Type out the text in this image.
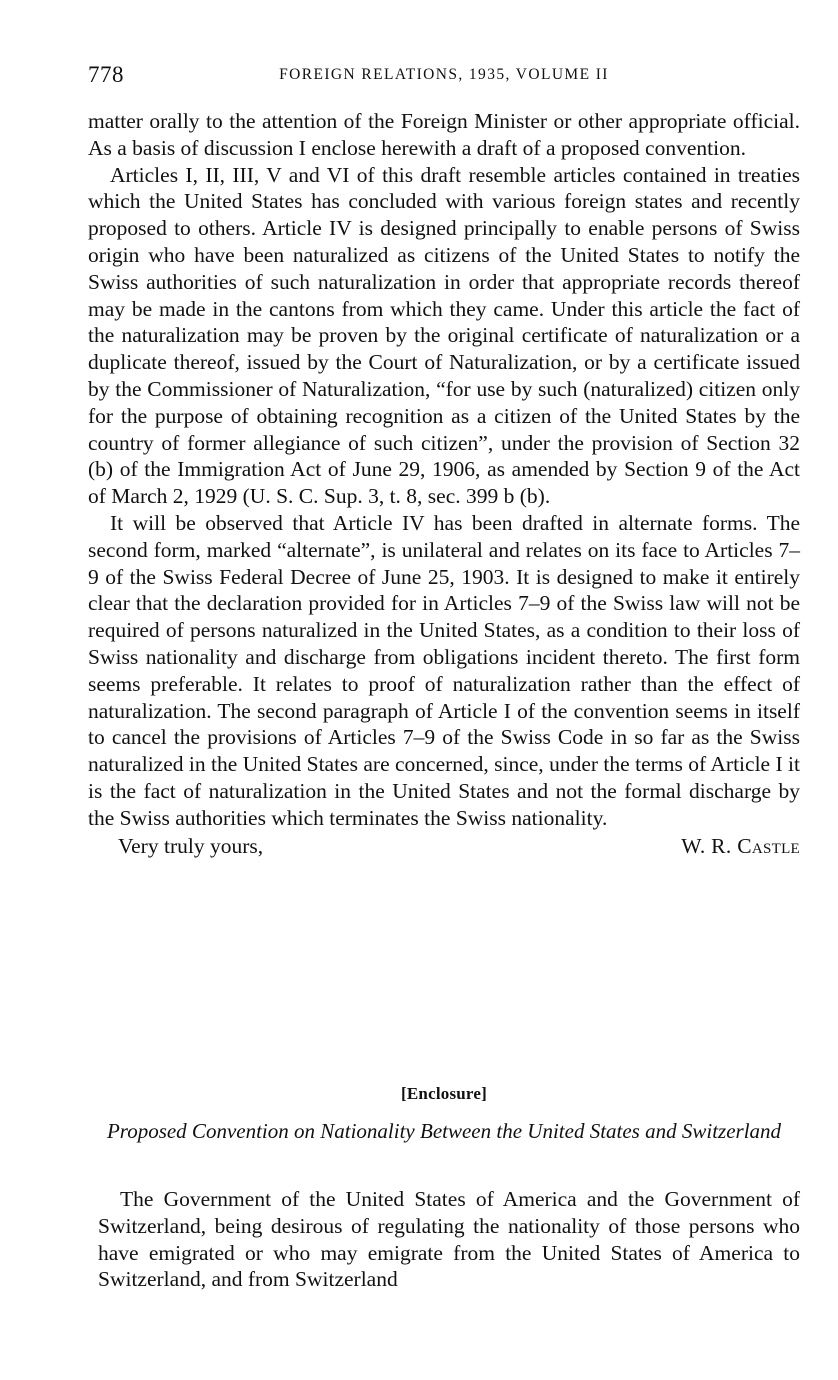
778	FOREIGN RELATIONS, 1935, VOLUME II

matter orally to the attention of the Foreign Minister or other appropriate official. As a basis of discussion I enclose herewith a draft of a proposed convention.

Articles I, II, III, V and VI of this draft resemble articles contained in treaties which the United States has concluded with various foreign states and recently proposed to others. Article IV is designed principally to enable persons of Swiss origin who have been naturalized as citizens of the United States to notify the Swiss authorities of such naturalization in order that appropriate records thereof may be made in the cantons from which they came. Under this article the fact of the naturalization may be proven by the original certificate of naturalization or a duplicate thereof, issued by the Court of Naturalization, or by a certificate issued by the Commissioner of Naturalization, “for use by such (naturalized) citizen only for the purpose of obtaining recognition as a citizen of the United States by the country of former allegiance of such citizen”, under the provision of Section 32 (b) of the Immigration Act of June 29, 1906, as amended by Section 9 of the Act of March 2, 1929 (U. S. C. Sup. 3, t. 8, sec. 399 b (b).

It will be observed that Article IV has been drafted in alternate forms. The second form, marked “alternate”, is unilateral and relates on its face to Articles 7–9 of the Swiss Federal Decree of June 25, 1903. It is designed to make it entirely clear that the declaration provided for in Articles 7–9 of the Swiss law will not be required of persons naturalized in the United States, as a condition to their loss of Swiss nationality and discharge from obligations incident thereto. The first form seems preferable. It relates to proof of naturalization rather than the effect of naturalization. The second paragraph of Article I of the convention seems in itself to cancel the provisions of Articles 7–9 of the Swiss Code in so far as the Swiss naturalized in the United States are concerned, since, under the terms of Article I it is the fact of naturalization in the United States and not the formal discharge by the Swiss authorities which terminates the Swiss nationality.

Very truly yours,	W. R. Castle
[Enclosure]
Proposed Convention on Nationality Between the United States and Switzerland

The Government of the United States of America and the Government of Switzerland, being desirous of regulating the nationality of those persons who have emigrated or who may emigrate from the United States of America to Switzerland, and from Switzerland
